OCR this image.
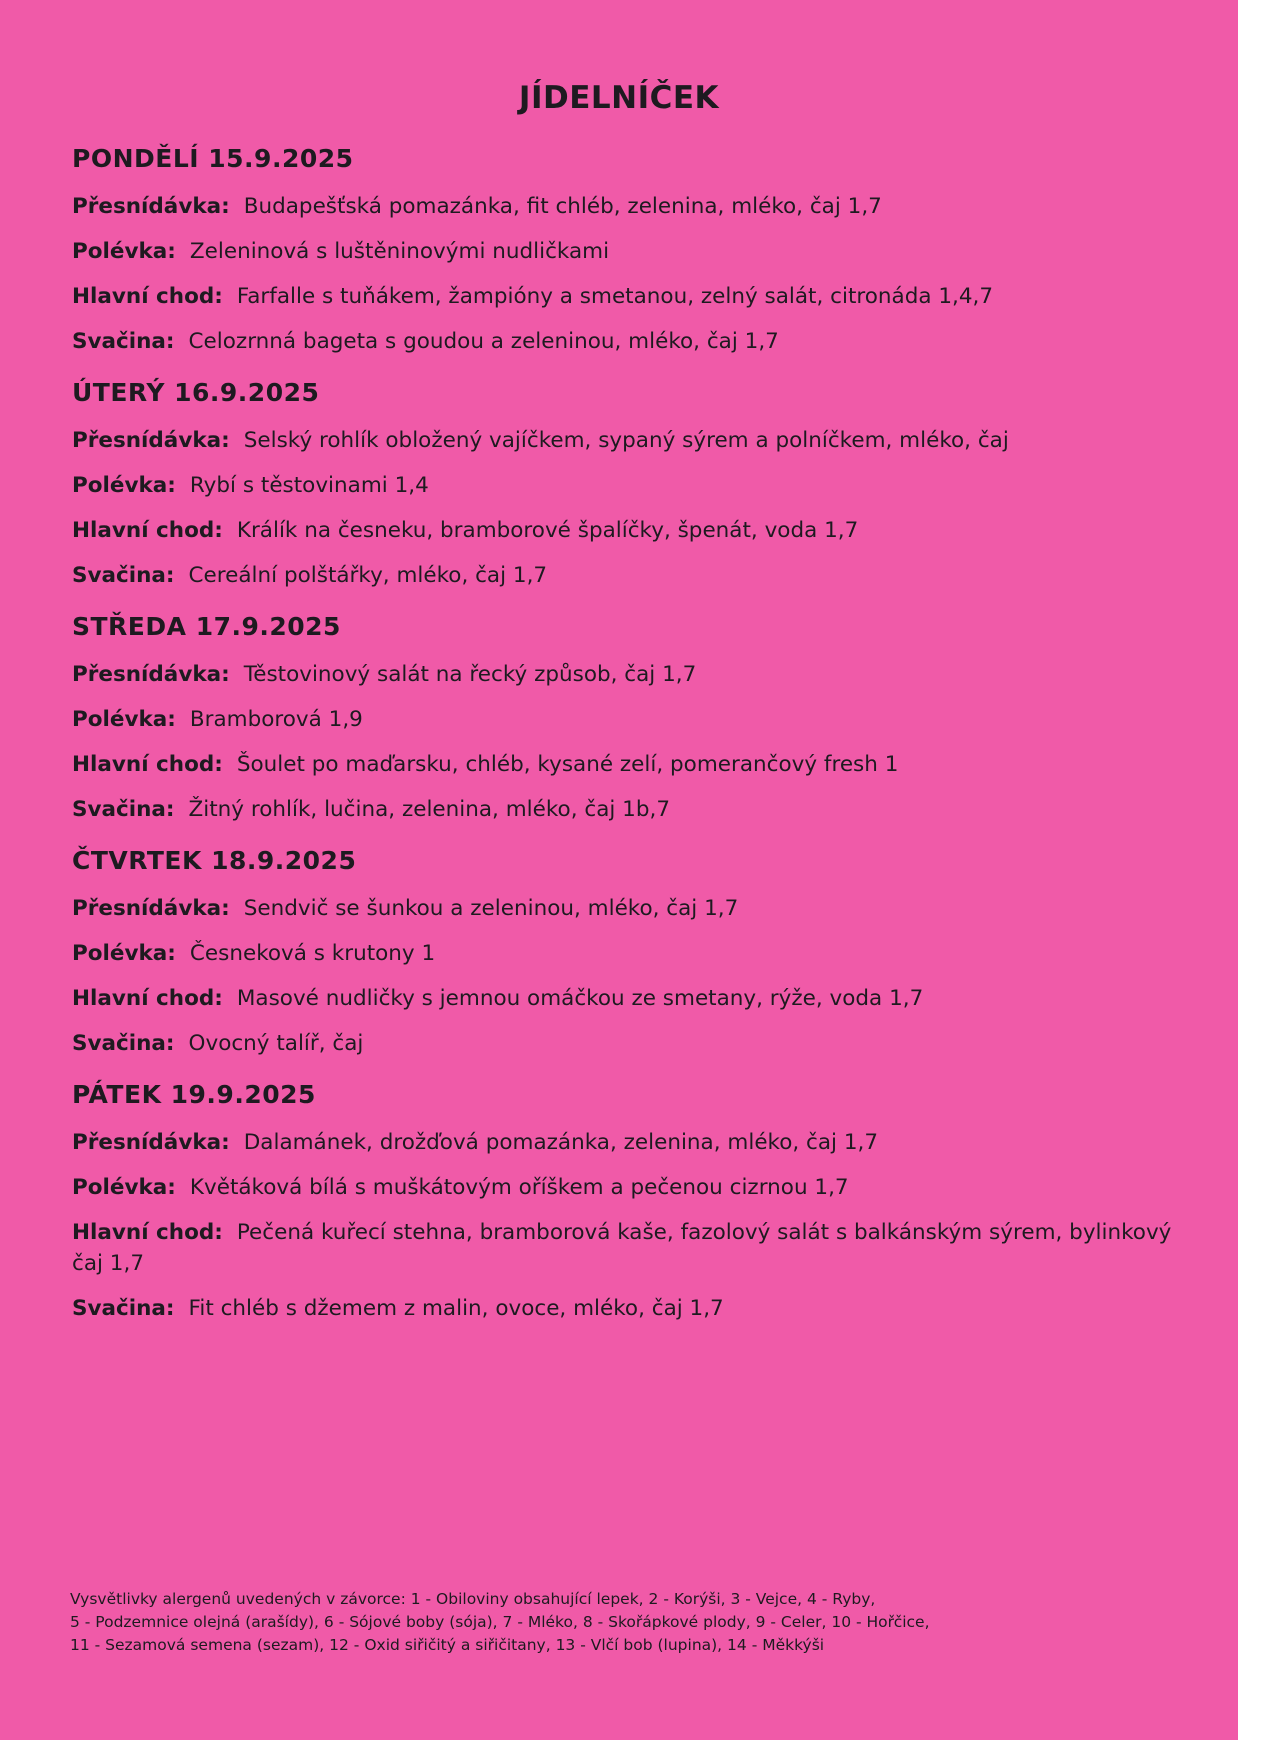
JÍDELNÍČEK
PONDĚLÍ 15.9.2025
Přesnídávka: Budapešťská pomazánka, fit chléb, zelenina, mléko, čaj 1,7
Polévka: Zeleninová s luštěninovými nudličkami
Hlavní chod: Farfalle s tuňákem, žampióny a smetanou, zelný salát, citronáda 1,4,7
Svačina: Celozrnná bageta s goudou a zeleninou, mléko, čaj 1,7
ÚTERÝ 16.9.2025
Přesnídávka: Selský rohlík obložený vajíčkem, sypaný sýrem a polníčkem, mléko, čaj
Polévka: Rybí s těstovinami 1,4
Hlavní chod: Králík na česneku, bramborové špalíčky, špenát, voda 1,7
Svačina: Cereální polštářky, mléko, čaj 1,7
STŘEDA 17.9.2025
Přesnídávka: Těstovinový salát na řecký způsob, čaj 1,7
Polévka: Bramborová 1,9
Hlavní chod: Šoulet po maďarsku, chléb, kysané zelí, pomerančový fresh 1
Svačina: Žitný rohlík, lučina, zelenina, mléko, čaj 1b,7
ČTVRTEK 18.9.2025
Přesnídávka: Sendvič se šunkou a zeleninou, mléko, čaj 1,7
Polévka: Česneková s krutony 1
Hlavní chod: Masové nudličky s jemnou omáčkou ze smetany, rýže, voda 1,7
Svačina: Ovocný talíř, čaj
PÁTEK 19.9.2025
Přesnídávka: Dalamánek, drožďová pomazánka, zelenina, mléko, čaj 1,7
Polévka: Květáková bílá s muškátovým oříškem a pečenou cizrnou 1,7
Hlavní chod: Pečená kuřecí stehna, bramborová kaše, fazolový salát s balkánským sýrem, bylinkový čaj 1,7
Svačina: Fit chléb s džemem z malin, ovoce, mléko, čaj 1,7
Vysvětlivky alergenů uvedených v závorce: 1 - Obiloviny obsahující lepek, 2 - Korýši, 3 - Vejce, 4 - Ryby,
5 - Podzemnice olejná (arašídy), 6 - Sójové boby (sója), 7 - Mléko, 8 - Skořápkové plody, 9 - Celer, 10 - Hořčice,
11 - Sezamová semena (sezam), 12 - Oxid siřičitý a siřičitany, 13 - Vlčí bob (lupina), 14 - Měkkýši
